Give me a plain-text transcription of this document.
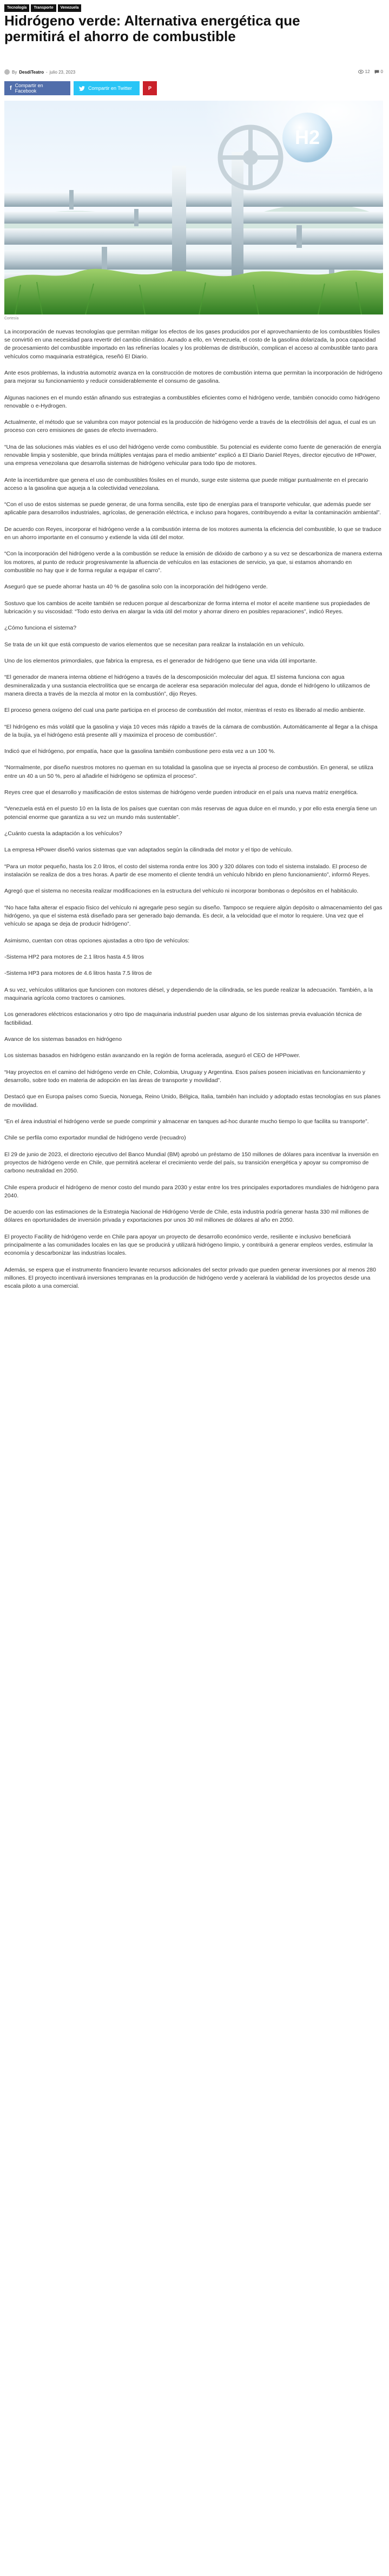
Tecnología	Transporte	Venezuela
Hidrógeno verde: Alternativa energética que permitirá el ahorro de combustible
By DesdiTeatro - julio 23, 2023	12	0
f Compartir en Facebook	Compartir en Twitter	P
H2
Cortesía

La incorporación de nuevas tecnologías que permitan mitigar los efectos de los gases producidos por el aprovechamiento de los combustibles fósiles se convirtió en una necesidad para revertir del cambio climático. Aunado a ello, en Venezuela, el costo de la gasolina dolarizada, la poca capacidad de procesamiento del combustible importado en las refinerías locales y los problemas de distribución, complican el acceso al combustible tanto para vehículos como maquinaria estratégica, reseñó El Diario.

Ante esos problemas, la industria automotriz avanza en la construcción de motores de combustión interna que permitan la incorporación de hidrógeno para mejorar su funcionamiento y reducir considerablemente el consumo de gasolina.

Algunas naciones en el mundo están afinando sus estrategias a combustibles eficientes como el hidrógeno verde, también conocido como hidrógeno renovable o e-Hydrogen.

Actualmente, el método que se valumbra con mayor potencial es la producción de hidrógeno verde a través de la electrólisis del agua, el cual es un proceso con cero emisiones de gases de efecto invernadero.

“Una de las soluciones más viables es el uso del hidrógeno verde como combustible. Su potencial es evidente como fuente de generación de energía renovable limpia y sostenible, que brinda múltiples ventajas para el medio ambiente” explicó a El Diario Daniel Reyes, director ejecutivo de HPower, una empresa venezolana que desarrolla sistemas de hidrógeno vehicular para todo tipo de motores.

Ante la incertidumbre que genera el uso de combustibles fósiles en el mundo, surge este sistema que puede mitigar puntualmente en el precario acceso a la gasolina que aqueja a la colectividad venezolana.

“Con el uso de estos sistemas se puede generar, de una forma sencilla, este tipo de energías para el transporte vehicular, que además puede ser aplicable para desarrollos industriales, agrícolas, de generación eléctrica, e incluso para hogares, contribuyendo a evitar la contaminación ambiental”.

De acuerdo con Reyes, incorporar el hidrógeno verde a la combustión interna de los motores aumenta la eficiencia del combustible, lo que se traduce en un ahorro importante en el consumo y extiende la vida útil del motor.

“Con la incorporación del hidrógeno verde a la combustión se reduce la emisión de dióxido de carbono y a su vez se descarboniza de manera externa los motores, al punto de reducir progresivamente la afluencia de vehículos en las estaciones de servicio, ya que, si estamos ahorrando en combustible no hay que ir de forma regular a equipar el carro”.

Aseguró que se puede ahorrar hasta un 40 % de gasolina solo con la incorporación del hidrógeno verde.

Sostuvo que los cambios de aceite también se reducen porque al descarbonizar de forma interna el motor el aceite mantiene sus propiedades de lubricación y su viscosidad: “Todo esto deriva en alargar la vida útil del motor y ahorrar dinero en posibles reparaciones”, indicó Reyes.

¿Cómo funciona el sistema?

Se trata de un kit que está compuesto de varios elementos que se necesitan para realizar la instalación en un vehículo.

Uno de los elementos primordiales, que fabrica la empresa, es el generador de hidrógeno que tiene una vida útil importante.

“El generador de manera interna obtiene el hidrógeno a través de la descomposición molecular del agua. El sistema funciona con agua desmineralizada y una sustancia electrolítica que se encarga de acelerar esa separación molecular del agua, donde el hidrógeno lo utilizamos de manera directa a través de la mezcla al motor en la combustión”, dijo Reyes.

El proceso genera oxígeno del cual una parte participa en el proceso de combustión del motor, mientras el resto es liberado al medio ambiente.

“El hidrógeno es más volátil que la gasolina y viaja 10 veces más rápido a través de la cámara de combustión. Automáticamente al llegar a la chispa de la bujía, ya el hidrógeno está presente allí y maximiza el proceso de combustión”.

Indicó que el hidrógeno, por empatía, hace que la gasolina también combustione pero esta vez a un 100 %.

“Normalmente, por diseño nuestros motores no queman en su totalidad la gasolina que se inyecta al proceso de combustión. En general, se utiliza entre un 40 a un 50 %, pero al añadirle el hidrógeno se optimiza el proceso”.

Reyes cree que el desarrollo y masificación de estos sistemas de hidrógeno verde pueden introducir en el país una nueva matriz energética.

“Venezuela está en el puesto 10 en la lista de los países que cuentan con más reservas de agua dulce en el mundo, y por ello esta energía tiene un potencial enorme que garantiza a su vez un mundo más sustentable”.

¿Cuánto cuesta la adaptación a los vehículos?

La empresa HPower diseñó varios sistemas que van adaptados según la cilindrada del motor y el tipo de vehículo.

“Para un motor pequeño, hasta los 2.0 litros, el costo del sistema ronda entre los 300 y 320 dólares con todo el sistema instalado. El proceso de instalación se realiza de dos a tres horas. A partir de ese momento el cliente tendrá un vehículo híbrido en pleno funcionamiento”, informó Reyes.

Agregó que el sistema no necesita realizar modificaciones en la estructura del vehículo ni incorporar bombonas o depósitos en el habitáculo.

“No hace falta alterar el espacio físico del vehículo ni agregarle peso según su diseño. Tampoco se requiere algún depósito o almacenamiento del gas hidrógeno, ya que el sistema está diseñado para ser generado bajo demanda. Es decir, a la velocidad que el motor lo requiere. Una vez que el vehículo se apaga se deja de producir hidrógeno”.

Asimismo, cuentan con otras opciones ajustadas a otro tipo de vehículos:

-Sistema HP2 para motores de 2.1 litros hasta 4.5 litros

-Sistema HP3 para motores de 4.6 litros hasta 7.5 litros de

A su vez, vehículos utilitarios que funcionen con motores diésel, y dependiendo de la cilindrada, se les puede realizar la adecuación. También, a la maquinaria agrícola como tractores o camiones.

Los generadores eléctricos estacionarios y otro tipo de maquinaria industrial pueden usar alguno de los sistemas previa evaluación técnica de factibilidad.

Avance de los sistemas basados en hidrógeno

Los sistemas basados en hidrógeno están avanzando en la región de forma acelerada, aseguró el CEO de HPPower.

“Hay proyectos en el camino del hidrógeno verde en Chile, Colombia, Uruguay y Argentina. Esos países poseen iniciativas en funcionamiento y desarrollo, sobre todo en materia de adopción en las áreas de transporte y movilidad”.

Destacó que en Europa países como Suecia, Noruega, Reino Unido, Bélgica, Italia, también han incluido y adoptado estas tecnologías en sus planes de movilidad.

“En el área industrial el hidrógeno verde se puede comprimir y almacenar en tanques ad-hoc durante mucho tiempo lo que facilita su transporte”.

Chile se perfila como exportador mundial de hidrógeno verde (recuadro)

El 29 de junio de 2023, el directorio ejecutivo del Banco Mundial (BM) aprobó un préstamo de 150 millones de dólares para incentivar la inversión en proyectos de hidrógeno verde en Chile, que permitirá acelerar el crecimiento verde del país, su transición energética y apoyar su compromiso de carbono neutralidad en 2050.

Chile espera producir el hidrógeno de menor costo del mundo para 2030 y estar entre los tres principales exportadores mundiales de hidrógeno para 2040.

De acuerdo con las estimaciones de la Estrategia Nacional de Hidrógeno Verde de Chile, esta industria podría generar hasta 330 mil millones de dólares en oportunidades de inversión privada y exportaciones por unos 30 mil millones de dólares al año en 2050.

El proyecto Facility de hidrógeno verde en Chile para apoyar un proyecto de desarrollo económico verde, resiliente e inclusivo beneficiará principalmente a las comunidades locales en las que se producirá y utilizará hidrógeno limpio, y contribuirá a generar empleos verdes, estimular la economía y descarbonizar las industrias locales.

Además, se espera que el instrumento financiero levante recursos adicionales del sector privado que pueden generar inversiones por al menos 280 millones. El proyecto incentivará inversiones tempranas en la producción de hidrógeno verde y acelerará la viabilidad de los proyectos desde una escala piloto a una comercial.
